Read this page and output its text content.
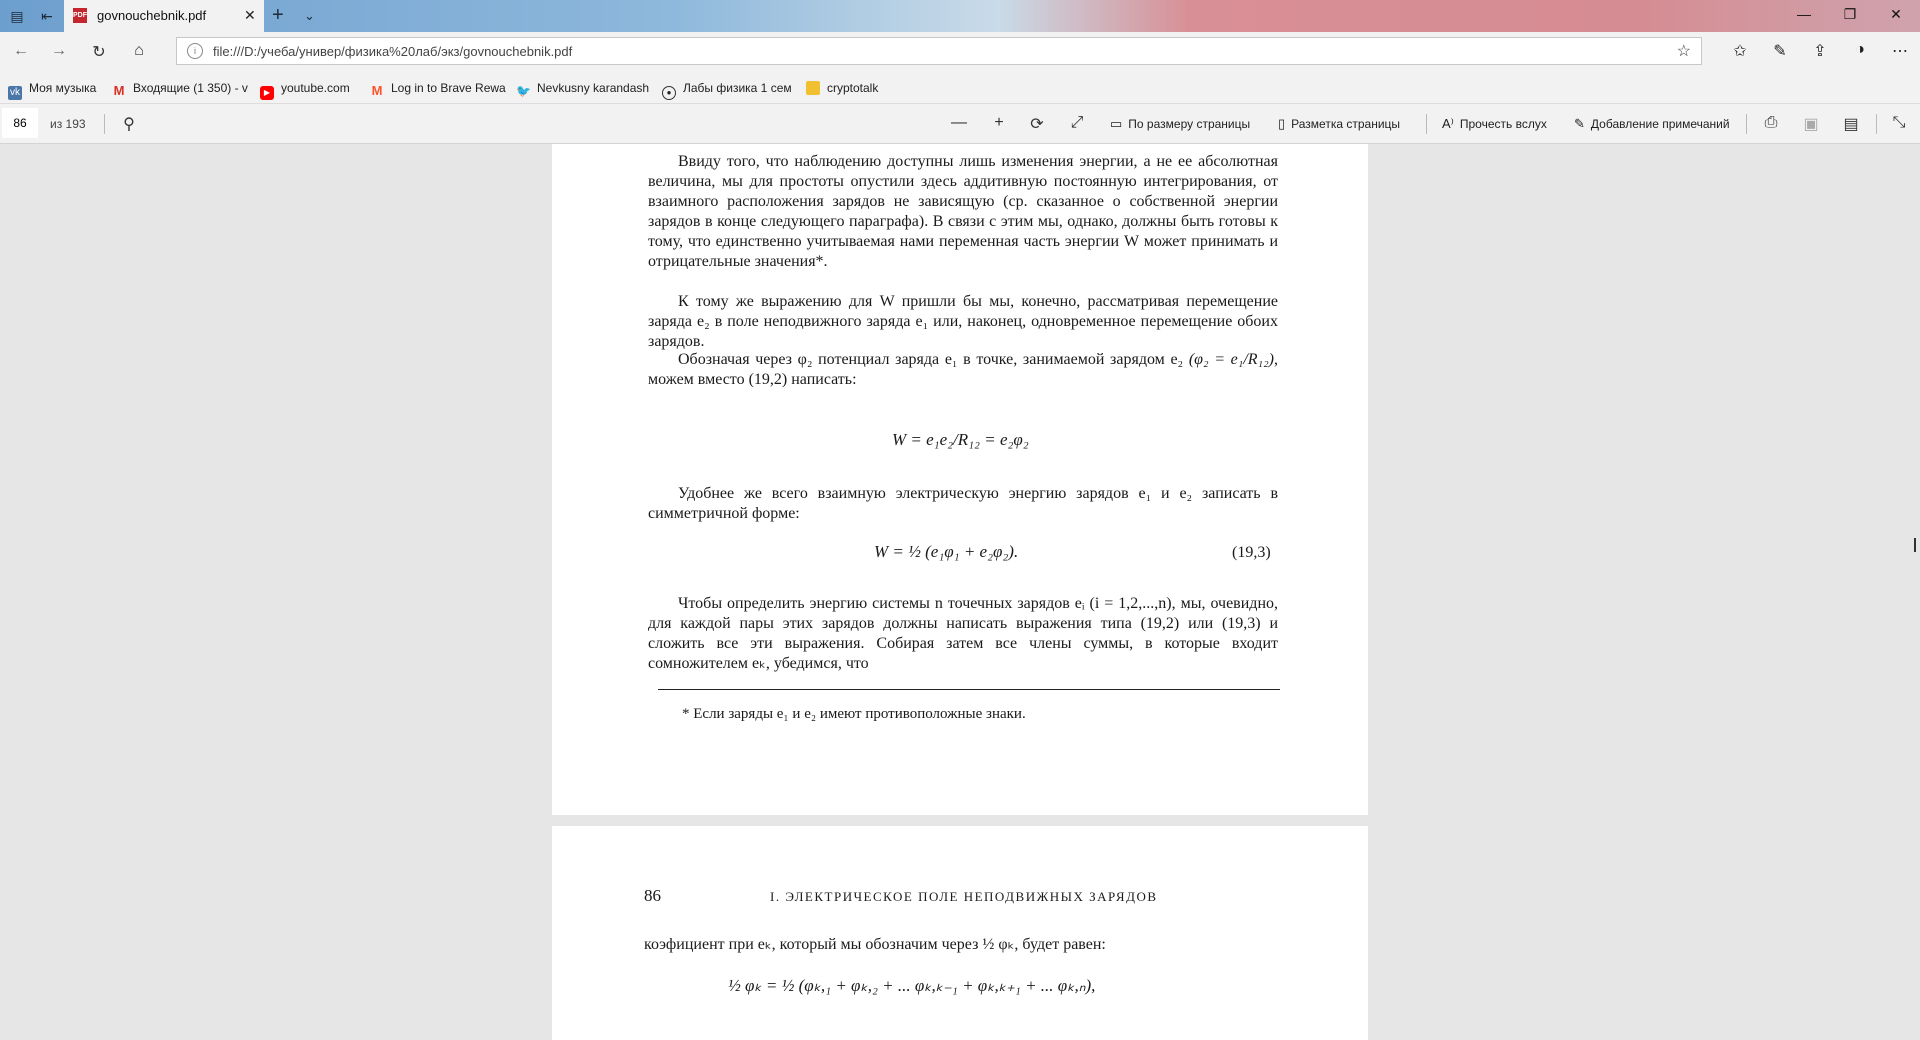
▤ ⇤	PDF govnouchebnik.pdf	✕ + ⌄	—	❐	✕
← → ↻	⌂	i	file:///D:/учеба/универ/физика%20лаб/экз/govnouchebnik.pdf	☆	✩	✎	⇪	◑	⋯
vk Моя музыка M Входящие (1 350) - v	▶ youtube.com M Log in to Brave Rewa 🐦 Nevkusny karandash	● Лабы физика 1 сем	cryptotalk
86	из 193	⚲	—	+	⟳ ⤢	▭ По размеру страницы ▯ Разметка страницы	A⁾ Прочесть вслух ✎ Добавление примечаний ⎙ ▣ ▤ ⤡
Ввиду того, что наблюдению доступны лишь изменения энергии, а не ее абсолютная величина, мы для простоты опустили здесь аддитивную постоянную интегрирования, от взаимного расположения зарядов не зависящую (ср. сказанное о собственной энергии зарядов в конце следующего параграфа). В связи с этим мы, однако, должны быть готовы к тому, что единственно учитываемая нами переменная часть энергии W может принимать и отрицательные значения*.
К тому же выражению для W пришли бы мы, конечно, рассматривая перемещение заряда e₂ в поле неподвижного заряда e₁ или, наконец, одновременное перемещение обоих зарядов.
Обозначая через φ₂ потенциал заряда e₁ в точке, занимаемой зарядом e₂ (φ₂ = e₁/R₁₂), можем вместо (19,2) написать:
W = e₁e₂/R₁₂ = e₂φ₂
Удобнее же всего взаимную электрическую энергию зарядов e₁ и e₂ записать в симметричной форме:
W = ½ (e₁φ₁ + e₂φ₂).	(19,3)
Чтобы определить энергию системы n точечных зарядов eᵢ (i = 1,2,...,n), мы, очевидно, для каждой пары этих зарядов должны написать выражения типа (19,2) или (19,3) и сложить все эти выражения. Собирая затем все члены суммы, в которые входит сомножителем eₖ, убедимся, что
* Если заряды e₁ и e₂ имеют противоположные знаки.
86	I. ЭЛЕКТРИЧЕСКОЕ ПОЛЕ НЕПОДВИЖНЫХ ЗАРЯДОВ
коэфициент при eₖ, который мы обозначим через ½ φₖ, будет равен:
½ φₖ = ½ (φₖ,₁ + φₖ,₂ + ... φₖ,ₖ₋₁ + φₖ,ₖ₊₁ + ... φₖ,ₙ),
